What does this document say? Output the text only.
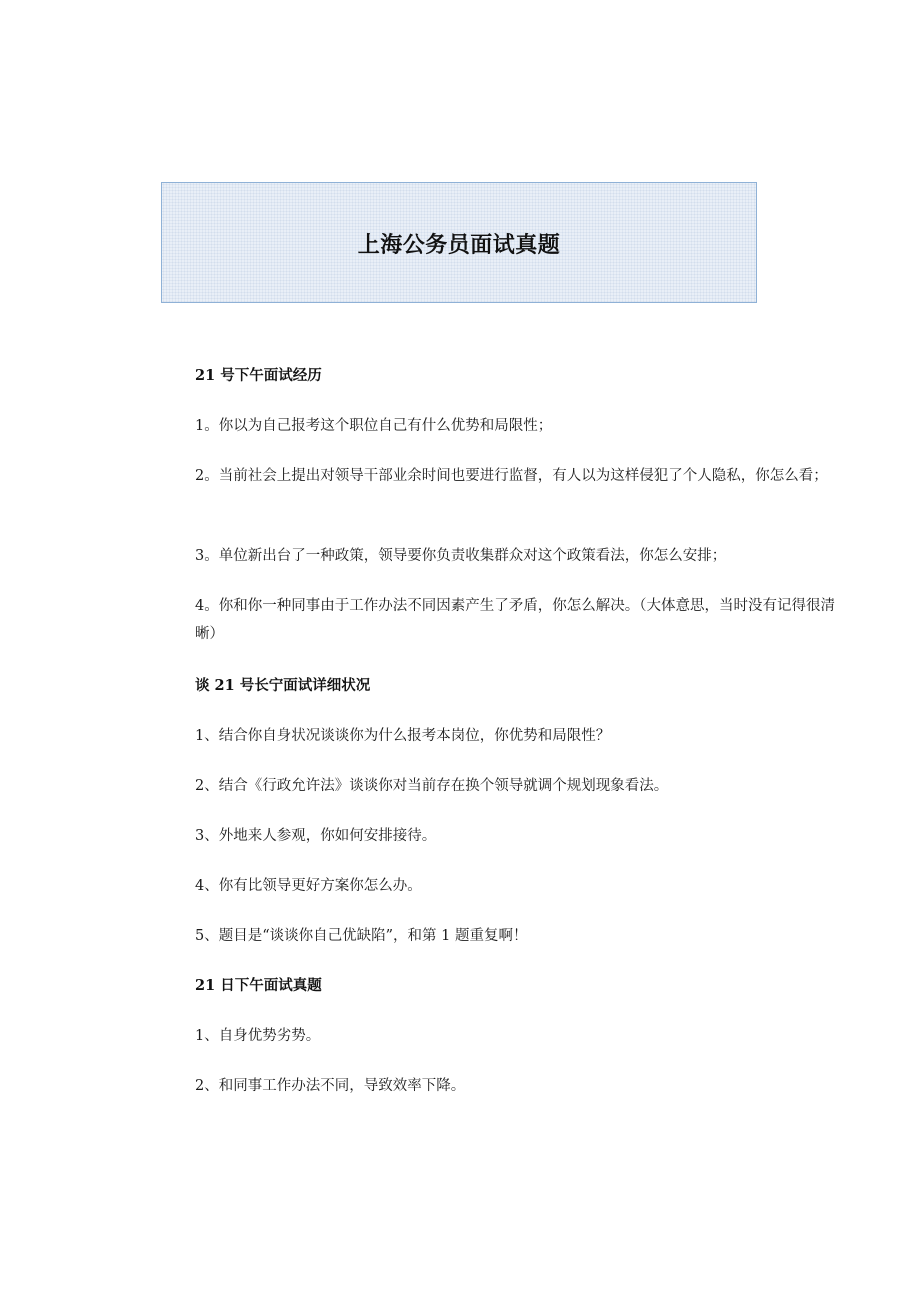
上海公务员面试真题

21 号下午面试经历

1。你以为自己报考这个职位自己有什么优势和局限性；

2。当前社会上提出对领导干部业余时间也要进行监督，有人以为这样侵犯了个人隐私，你怎么看；

3。单位新出台了一种政策，领导要你负责收集群众对这个政策看法，你怎么安排；

4。你和你一种同事由于工作办法不同因素产生了矛盾，你怎么解决。（大体意思，当时没有记得很清晰）

谈 21 号长宁面试详细状况

1、结合你自身状况谈谈你为什么报考本岗位，你优势和局限性？

2、结合《行政允许法》谈谈你对当前存在换个领导就调个规划现象看法。

3、外地来人参观，你如何安排接待。

4、你有比领导更好方案你怎么办。

5、题目是“谈谈你自己优缺陷”，和第 1 题重复啊！

21 日下午面试真题

1、自身优势劣势。

2、和同事工作办法不同，导致效率下降。
